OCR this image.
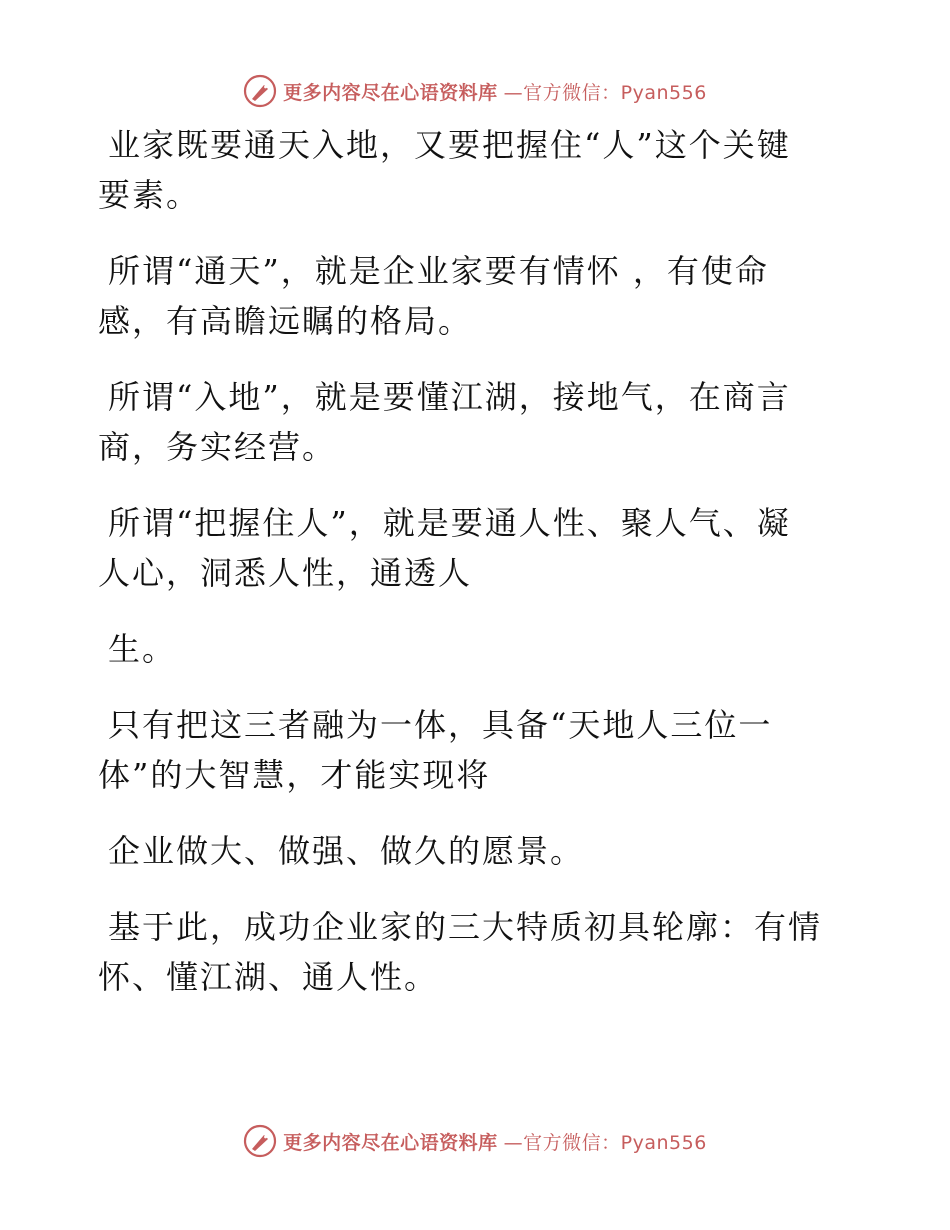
更多内容尽在心语资料库 —官方微信：Pyan556

业家既要通天入地，又要把握住“人”这个关键
要素。

所谓“通天”，就是企业家要有情怀 ，有使命
感，有高瞻远瞩的格局。

所谓“入地”，就是要懂江湖，接地气，在商言
商，务实经营。

所谓“把握住人”，就是要通人性、聚人气、凝
人心，洞悉人性，通透人

生。

只有把这三者融为一体，具备“天地人三位一
体”的大智慧，才能实现将

企业做大、做强、做久的愿景。

基于此，成功企业家的三大特质初具轮廓：有情
怀、懂江湖、通人性。

更多内容尽在心语资料库 —官方微信：Pyan556
